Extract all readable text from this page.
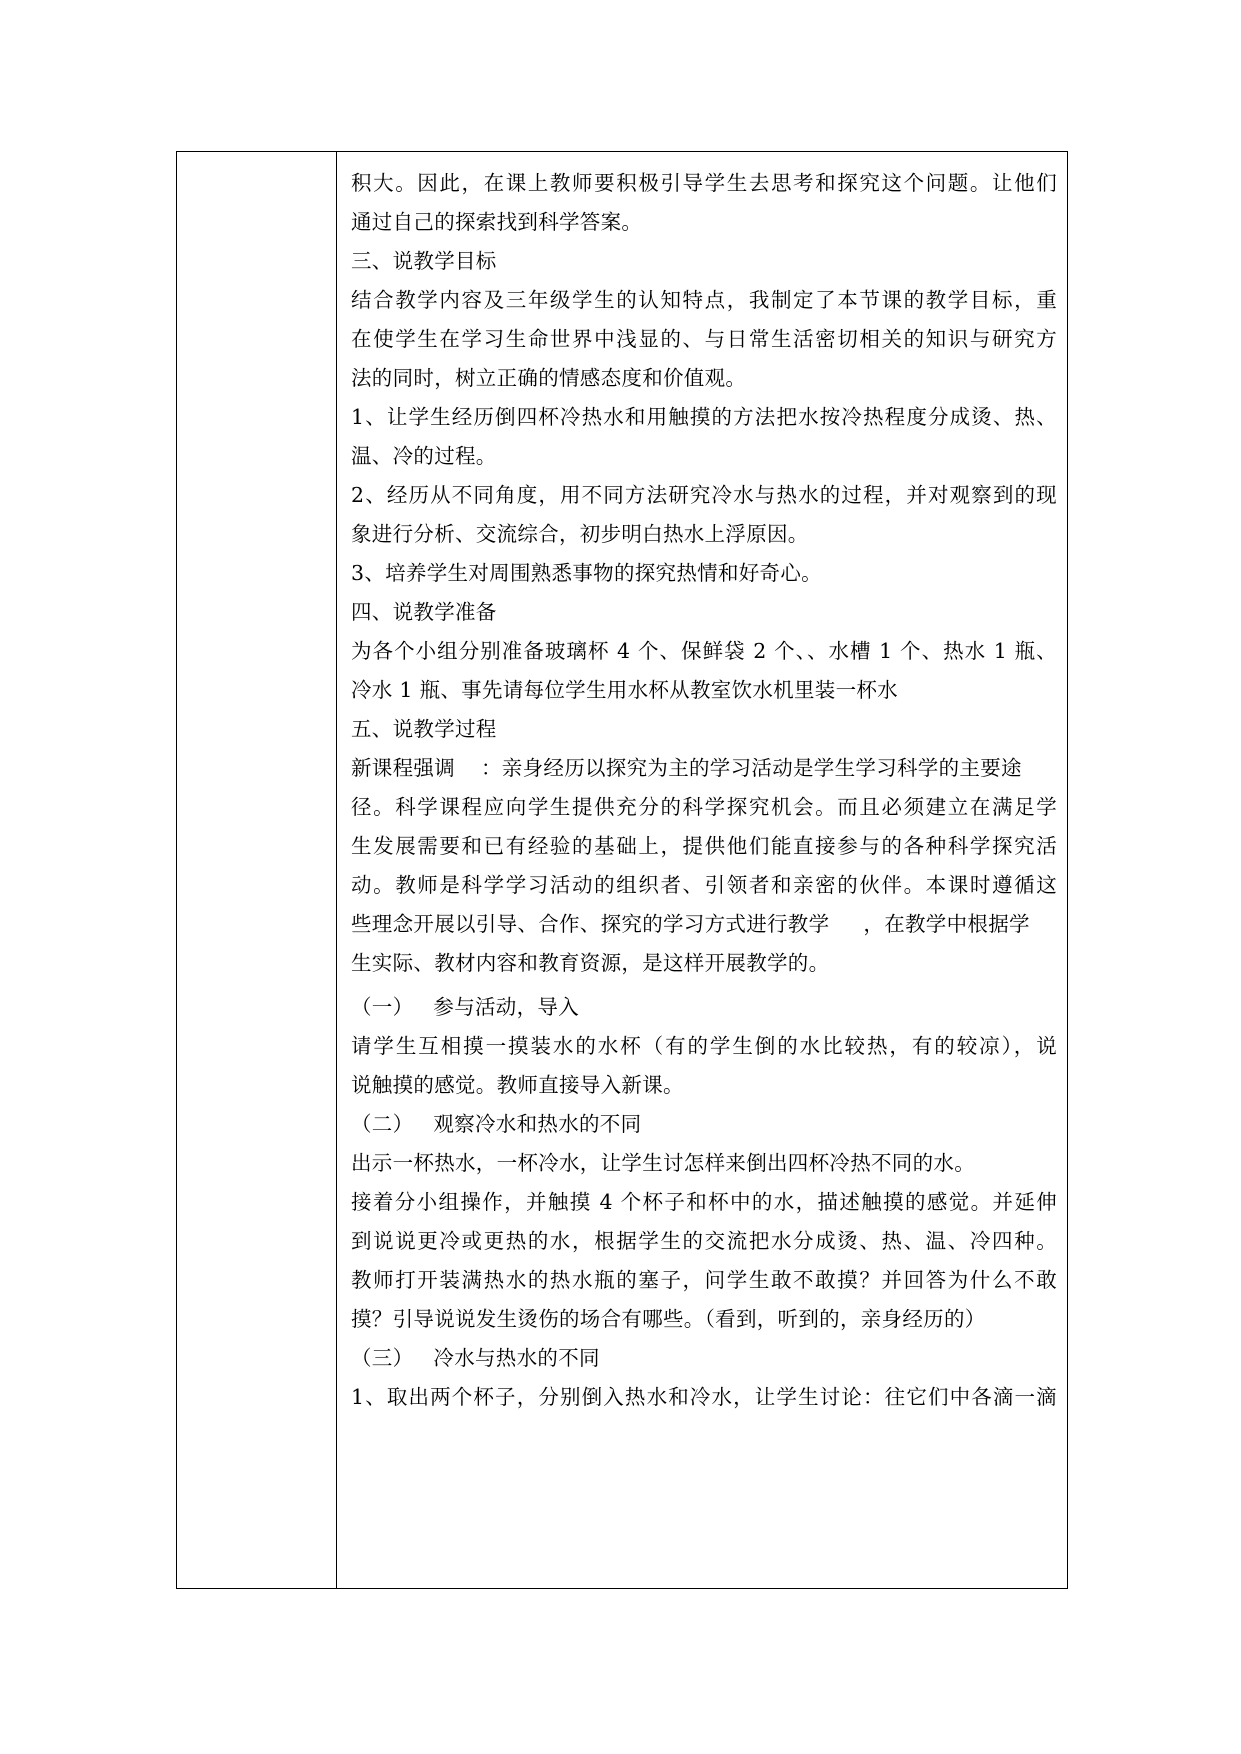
积大。因此，在课上教师要积极引导学生去思考和探究这个问题。让他们
通过自己的探索找到科学答案。
三、说教学目标
结合教学内容及三年级学生的认知特点，我制定了本节课的教学目标，重
在使学生在学习生命世界中浅显的、与日常生活密切相关的知识与研究方
法的同时，树立正确的情感态度和价值观。
1、让学生经历倒四杯冷热水和用触摸的方法把水按冷热程度分成烫、热、
温、冷的过程。
2、经历从不同角度，用不同方法研究冷水与热水的过程，并对观察到的现
象进行分析、交流综合，初步明白热水上浮原因。
3、培养学生对周围熟悉事物的探究热情和好奇心。
四、说教学准备
为各个小组分别准备玻璃杯 4 个、保鲜袋 2 个、、水槽 1 个、热水 1 瓶、
冷水 1 瓶、事先请每位学生用水杯从教室饮水机里装一杯水
五、说教学过程
新课程强调 ：亲身经历以探究为主的学习活动是学生学习科学的主要途
径。科学课程应向学生提供充分的科学探究机会。而且必须建立在满足学
生发展需要和已有经验的基础上，提供他们能直接参与的各种科学探究活
动。教师是科学学习活动的组织者、引领者和亲密的伙伴。本课时遵循这
些理念开展以引导、合作、探究的学习方式进行教学 ，在教学中根据学
生实际、教材内容和教育资源，是这样开展教学的。
（一） 参与活动，导入
请学生互相摸一摸装水的水杯（有的学生倒的水比较热，有的较凉），说
说触摸的感觉。教师直接导入新课。
（二） 观察冷水和热水的不同
出示一杯热水，一杯冷水，让学生讨怎样来倒出四杯冷热不同的水。
接着分小组操作，并触摸 4 个杯子和杯中的水，描述触摸的感觉。并延伸
到说说更冷或更热的水，根据学生的交流把水分成烫、热、温、冷四种。
教师打开装满热水的热水瓶的塞子，问学生敢不敢摸？并回答为什么不敢
摸？引导说说发生烫伤的场合有哪些。（看到，听到的，亲身经历的）
（三） 冷水与热水的不同
1、取出两个杯子，分别倒入热水和冷水，让学生讨论：往它们中各滴一滴
